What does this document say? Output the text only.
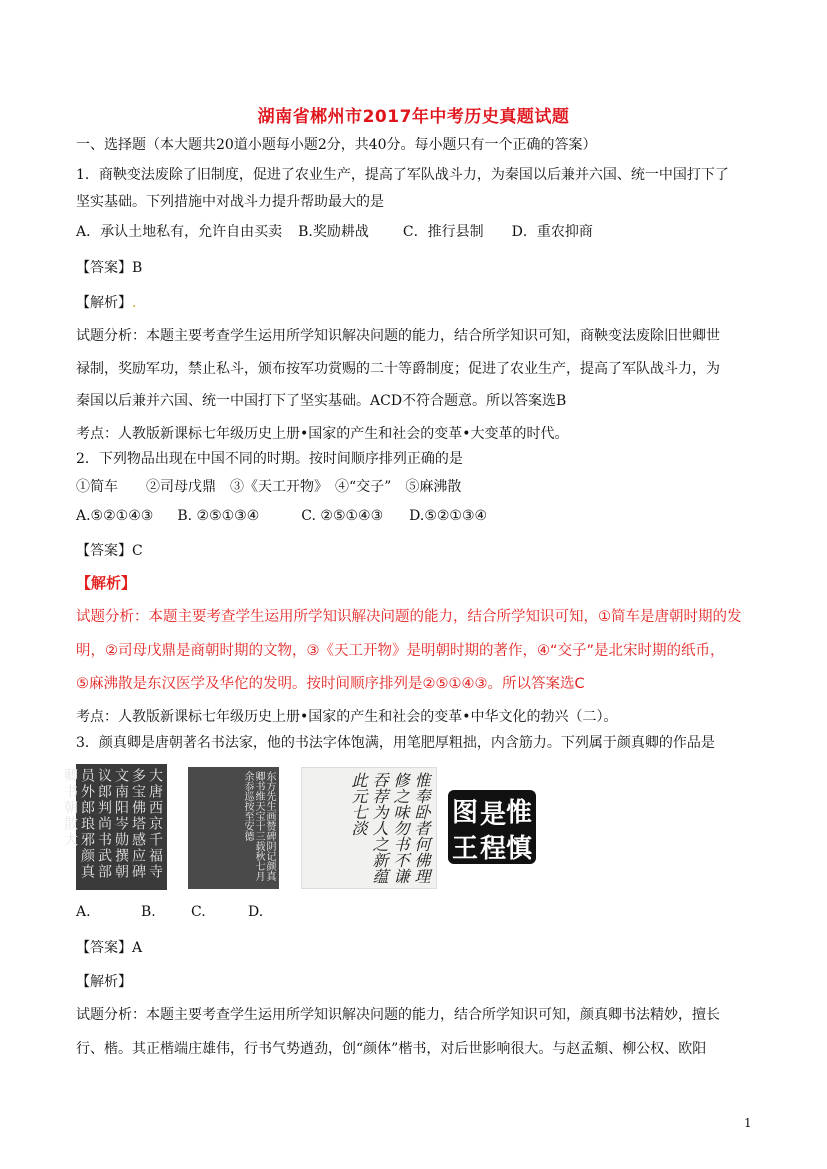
湖南省郴州市2017年中考历史真题试题
一、选择题（本大题共20道小题每小题2分，共40分。每小题只有一个正确的答案）
1．商鞅变法废除了旧制度，促进了农业生产，提高了军队战斗力，为秦国以后兼并六国、统一中国打下了
坚实基础。下列措施中对战斗力提升帮助最大的是
A．承认土地私有，允许自由买卖 B.奖励耕战 C．推行县制 D．重农抑商
【答案】B
【解析】.
试题分析：本题主要考查学生运用所学知识解决问题的能力，结合所学知识可知，商鞅变法废除旧世卿世
禄制，奖励军功，禁止私斗，颁布按军功赏赐的二十等爵制度；促进了农业生产，提高了军队战斗力，为
秦国以后兼并六国、统一中国打下了坚实基础。ACD不符合题意。所以答案选B
考点：人教版新课标七年级历史上册•国家的产生和社会的变革•大变革的时代。
2．下列物品出现在中国不同的时期。按时间顺序排列正确的是
①简车　　②司母戊鼎　③《天工开物》　④“交子”　⑤麻沸散
A.⑤②①④③ B. ②⑤①③④	C. ②⑤①④③ D.⑤②①③④
【答案】C
【解析】
试题分析：本题主要考查学生运用所学知识解决问题的能力，结合所学知识可知，①简车是唐朝时期的发
明，②司母戊鼎是商朝时期的文物，③《天工开物》是明朝时期的著作，④“交子”是北宋时期的纸币，
⑤麻沸散是东汉医学及华佗的发明。按时间顺序排列是②⑤①④③。所以答案选C
考点：人教版新课标七年级历史上册•国家的产生和社会的变革•中华文化的勃兴（二）。
3．颜真卿是唐朝著名书法家，他的书法字体饱满，用笔肥厚粗拙，内含筋力。下列属于颜真卿的作品是
大唐西京千福寺多宝佛塔感应碑文南阳岑勋撰朝议郎判尚书武部员外郎琅邪颜真卿书朝散大	东方先生画赞碑阴记颜真卿书维天宝十三载秋七月余忝巡按至安德	惟奉卧者何佛理修之味勿书不谦吞荐为人之新蕴此元七淡	惟
是
慎
图
王 程
A.	B.	C.	D.
【答案】A
【解析】
试题分析：本题主要考查学生运用所学知识解决问题的能力，结合所学知识可知，颜真卿书法精妙，擅长
行、楷。其正楷端庄雄伟，行书气势遒劲，创“颜体”楷书，对后世影响很大。与赵孟頫、柳公权、欧阳
1
